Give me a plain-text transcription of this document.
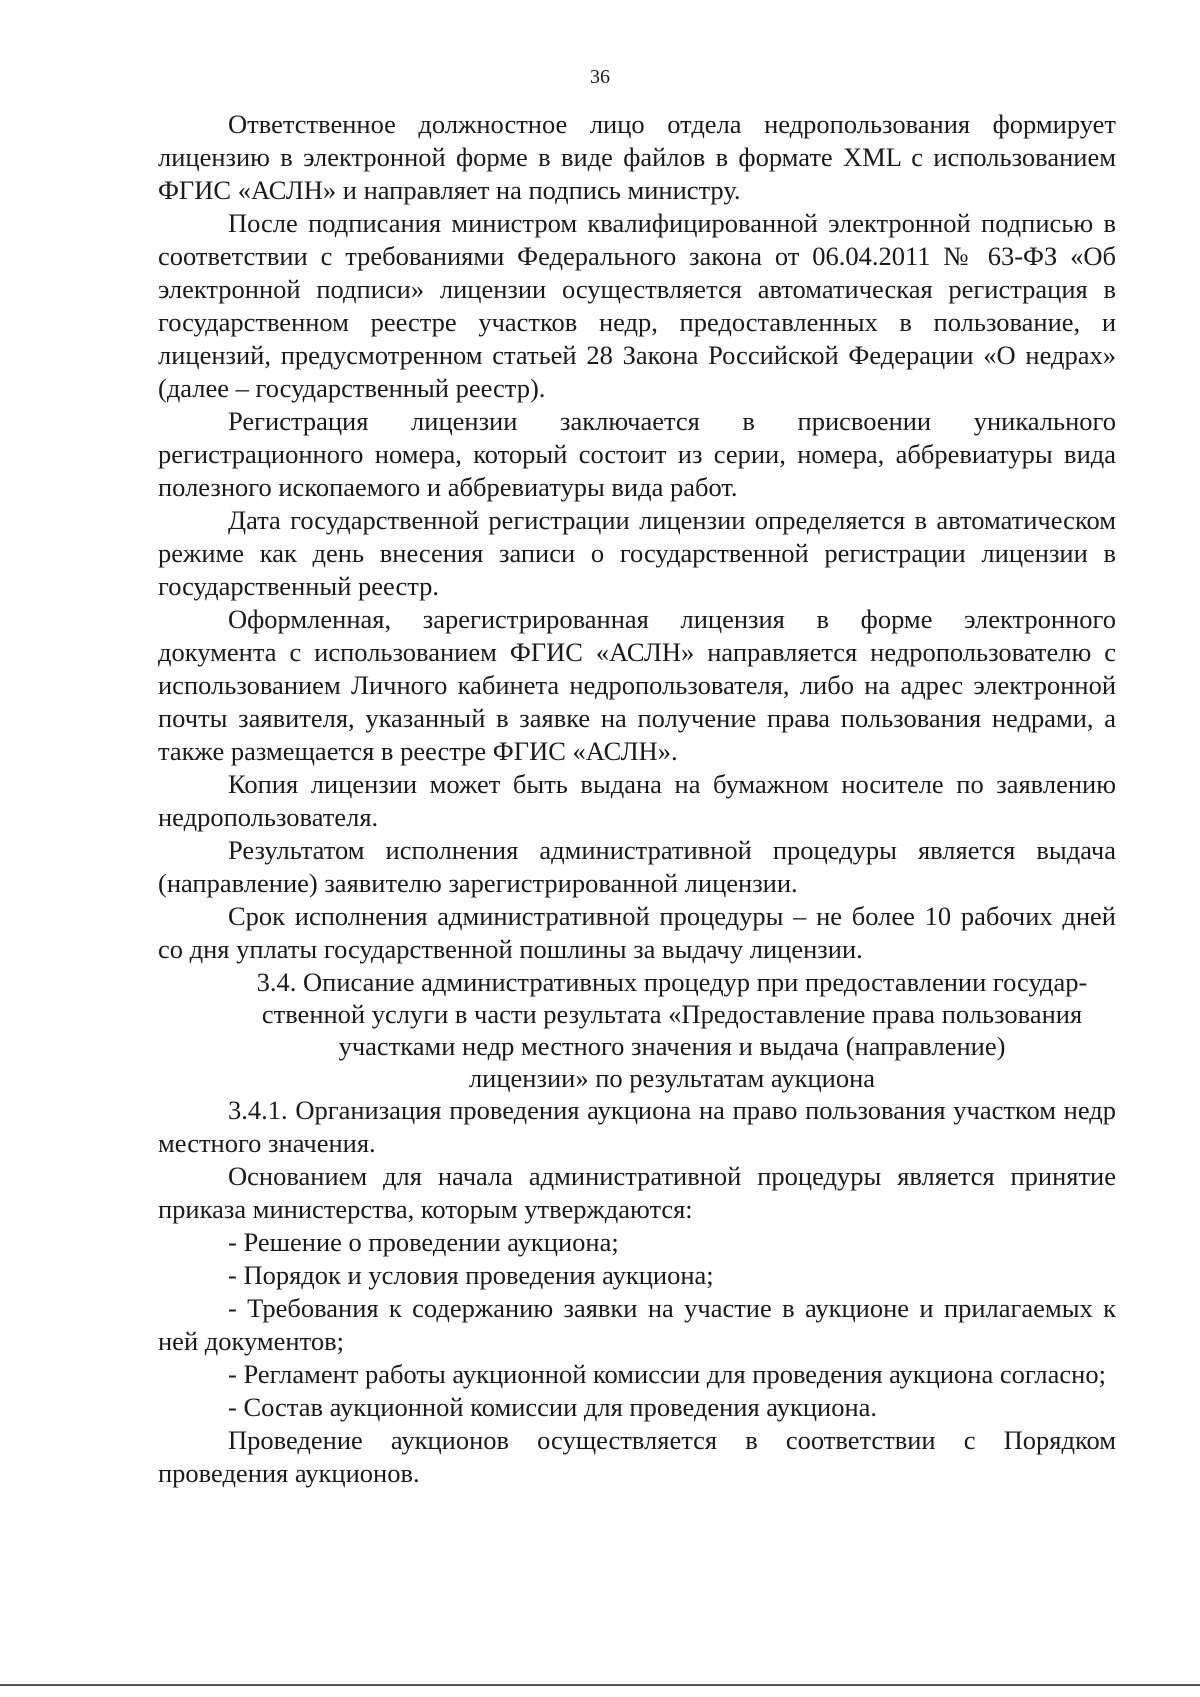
36

Ответственное должностное лицо отдела недропользования формирует лицензию в электронной форме в виде файлов в формате XML с использованием ФГИС «АСЛН» и направляет на подпись министру.

После подписания министром квалифицированной электронной подписью в соответствии с требованиями Федерального закона от 06.04.2011 № 63-ФЗ «Об электронной подписи» лицензии осуществляется автоматическая регистрация в государственном реестре участков недр, предоставленных в пользование, и лицензий, предусмотренном статьей 28 Закона Российской Федерации «О недрах» (далее – государственный реестр).

Регистрация лицензии заключается в присвоении уникального регистрационного номера, который состоит из серии, номера, аббревиатуры вида полезного ископаемого и аббревиатуры вида работ.

Дата государственной регистрации лицензии определяется в автоматическом режиме как день внесения записи о государственной регистрации лицензии в государственный реестр.

Оформленная, зарегистрированная лицензия в форме электронного документа с использованием ФГИС «АСЛН» направляется недропользователю с использованием Личного кабинета недропользователя, либо на адрес электронной почты заявителя, указанный в заявке на получение права пользования недрами, а также размещается в реестре ФГИС «АСЛН».

Копия лицензии может быть выдана на бумажном носителе по заявлению недропользователя.

Результатом исполнения административной процедуры является выдача (направление) заявителю зарегистрированной лицензии.

Срок исполнения административной процедуры – не более 10 рабочих дней со дня уплаты государственной пошлины за выдачу лицензии.

3.4. Описание административных процедур при предоставлении государ-
ственной услуги в части результата «Предоставление права пользования
участками недр местного значения и выдача (направление)
лицензии» по результатам аукциона

3.4.1. Организация проведения аукциона на право пользования участком недр местного значения.

Основанием для начала административной процедуры является принятие приказа министерства, которым утверждаются:

- Решение о проведении аукциона;

- Порядок и условия проведения аукциона;

- Требования к содержанию заявки на участие в аукционе и прилагаемых к ней документов;

- Регламент работы аукционной комиссии для проведения аукциона согласно;

- Состав аукционной комиссии для проведения аукциона.

Проведение аукционов осуществляется в соответствии с Порядком проведения аукционов.
